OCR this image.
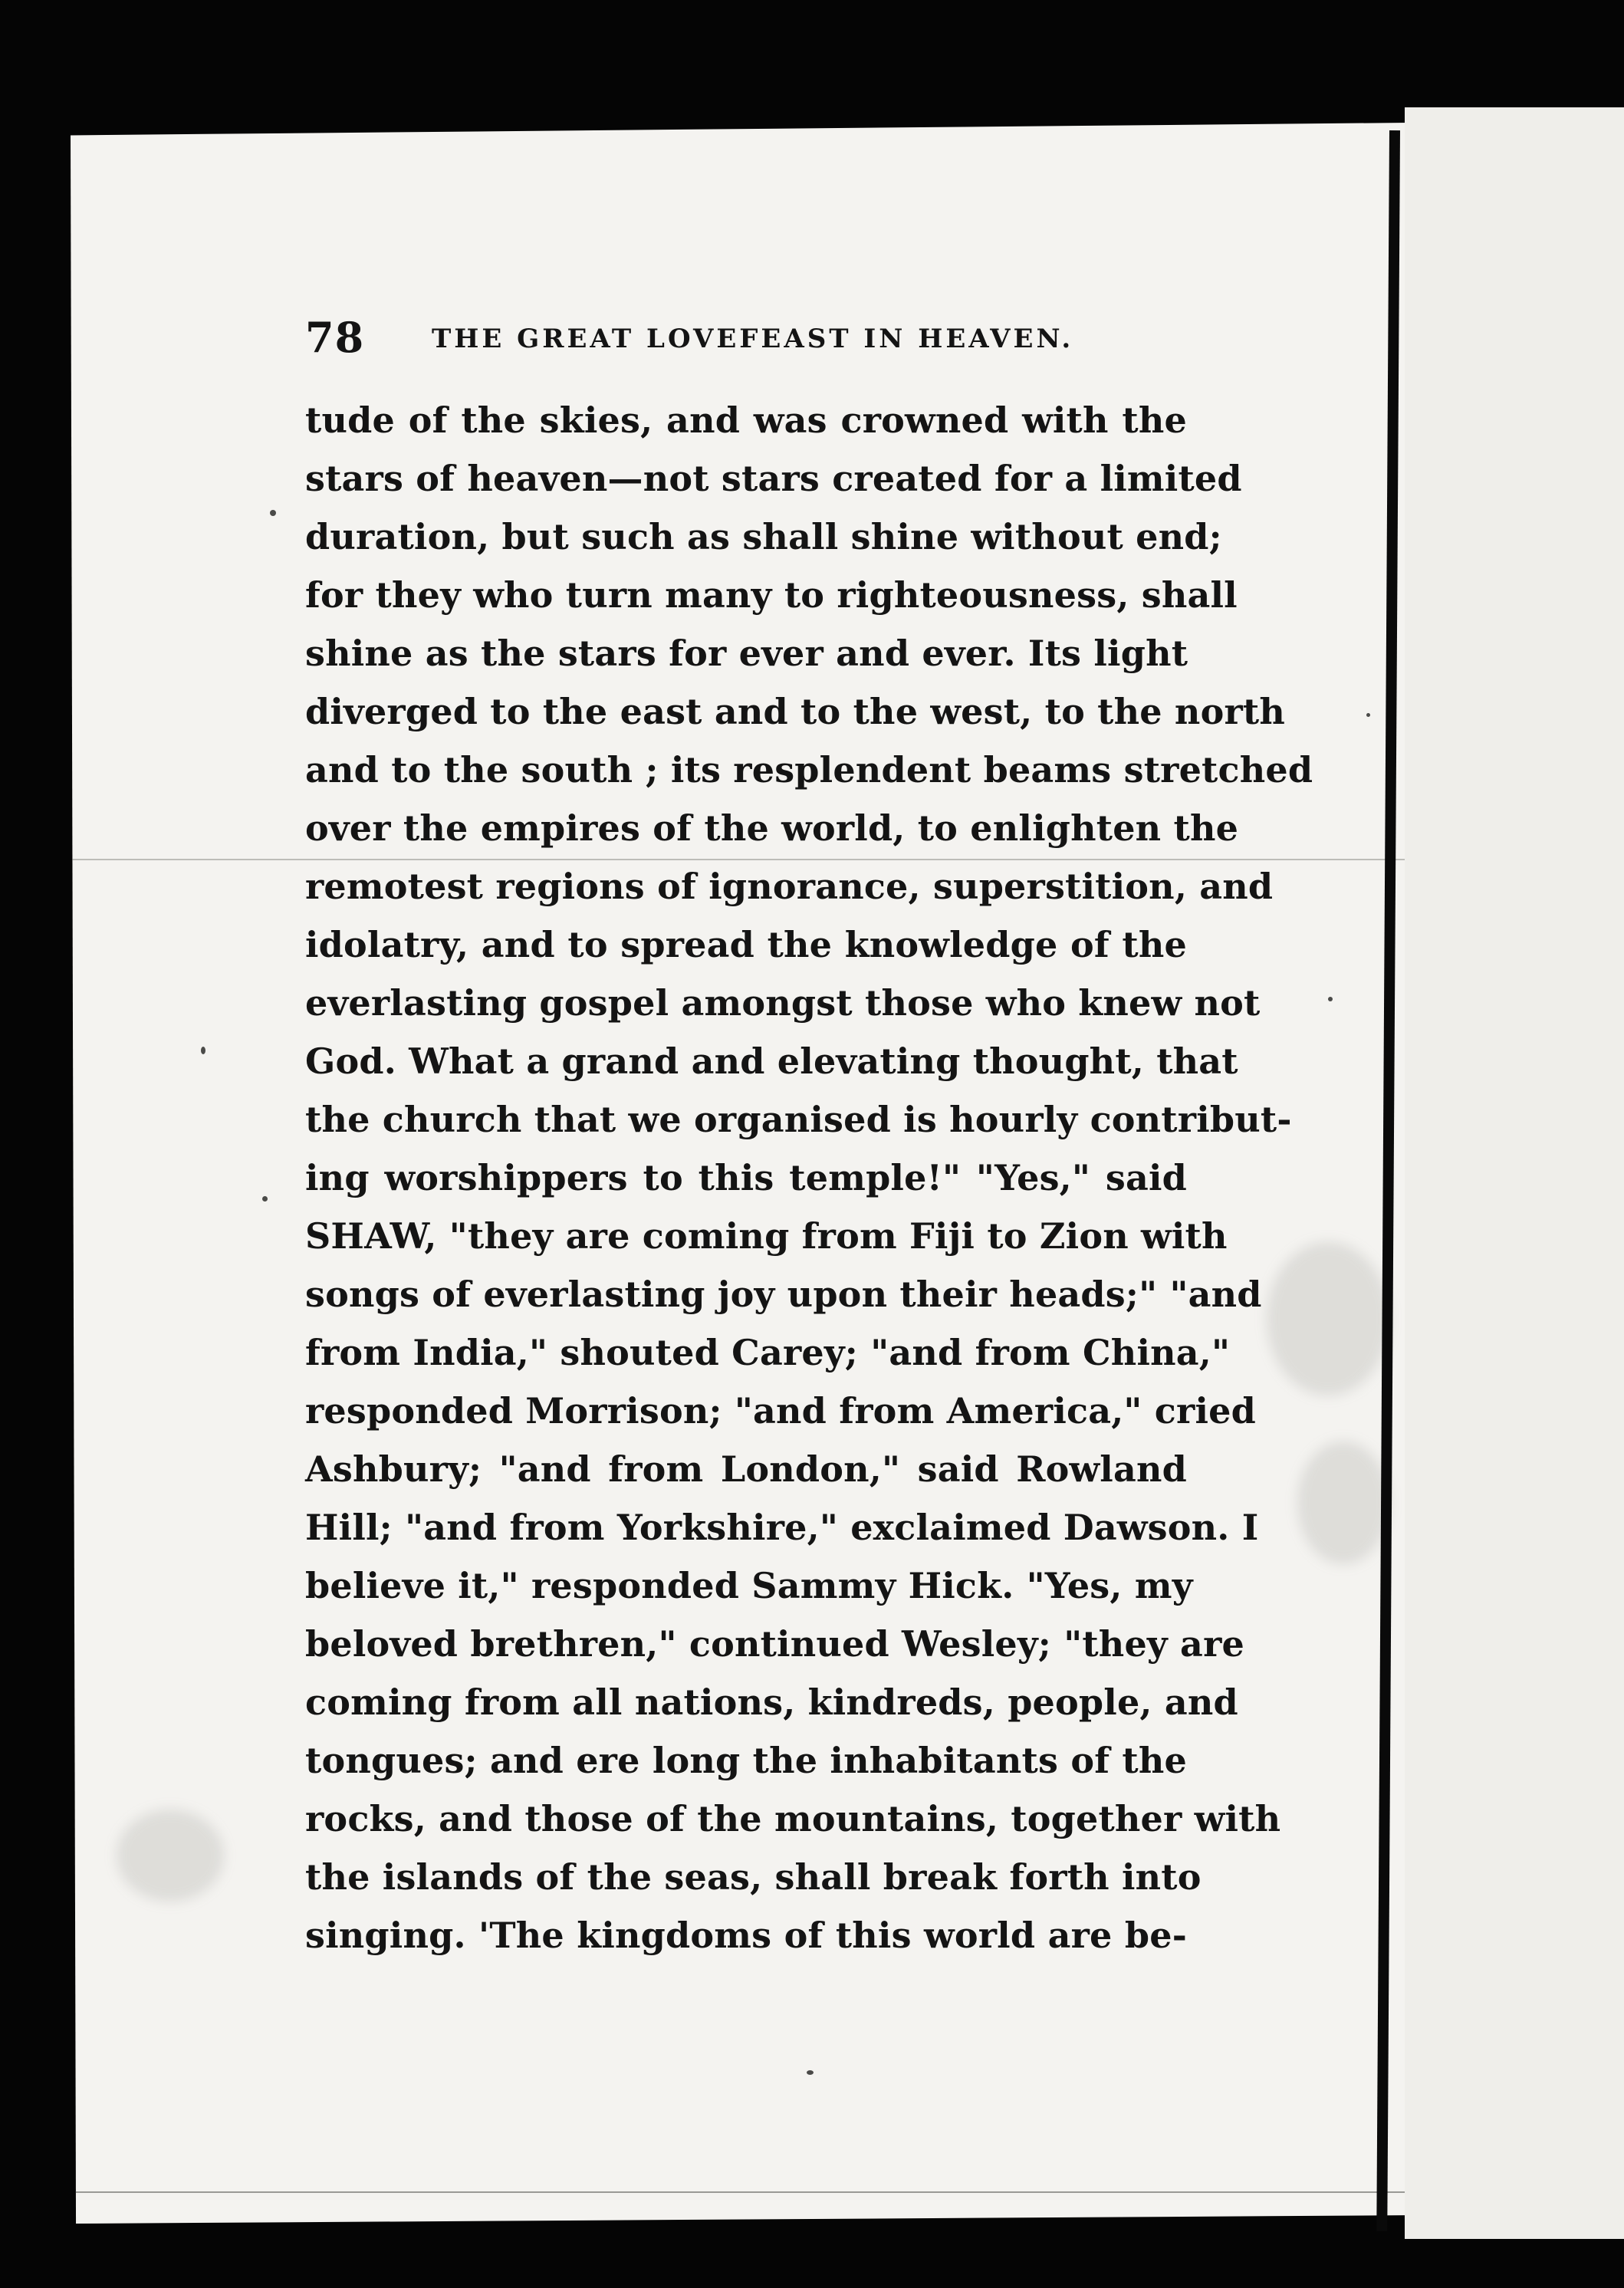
78	THE GREAT LOVEFEAST IN HEAVEN.
tude of the skies, and was crowned with the
stars of heaven—not stars created for a limited
duration, but such as shall shine without end;
for they who turn many to righteousness, shall
shine as the stars for ever and ever. Its light
diverged to the east and to the west, to the north
and to the south ; its resplendent beams stretched
over the empires of the world, to enlighten the
remotest regions of ignorance, superstition, and
idolatry, and to spread the knowledge of the
everlasting gospel amongst those who knew not
God. What a grand and elevating thought, that
the church that we organised is hourly contribut-
ing worshippers to this temple!" "Yes," said
SHAW, "they are coming from Fiji to Zion with
songs of everlasting joy upon their heads;" "and
from India," shouted Carey; "and from China,"
responded Morrison; "and from America," cried
Ashbury; "and from London," said Rowland
Hill; "and from Yorkshire," exclaimed Dawson. I
believe it," responded Sammy Hick. "Yes, my
beloved brethren," continued Wesley; "they are
coming from all nations, kindreds, people, and
tongues; and ere long the inhabitants of the
rocks, and those of the mountains, together with
the islands of the seas, shall break forth into
singing. 'The kingdoms of this world are be-
